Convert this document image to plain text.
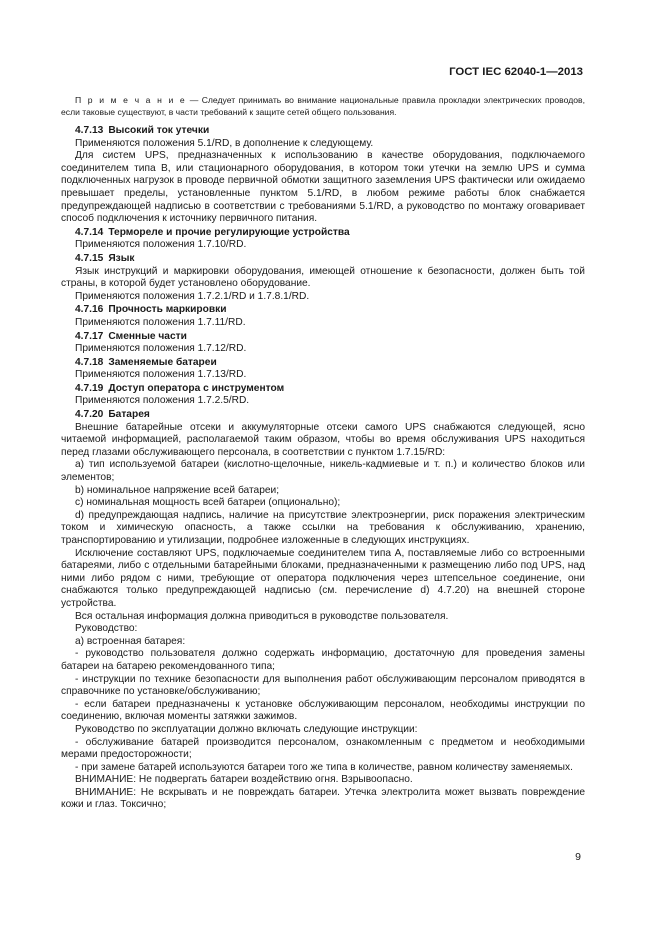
ГОСТ IEC 62040-1—2013

П р и м е ч а н и е — Следует принимать во внимание национальные правила прокладки электрических проводов, если таковые существуют, в части требований к защите сетей общего пользования.

4.7.13 Высокий ток утечки

Применяются положения 5.1/RD, в дополнение к следующему.

Для систем UPS, предназначенных к использованию в качестве оборудования, подключаемого соединителем типа B, или стационарного оборудования, в котором токи утечки на землю UPS и сумма подключенных нагрузок в проводе первичной обмотки защитного заземления UPS фактически или ожидаемо превышает пределы, установленные пунктом 5.1/RD, в любом режиме работы блок снабжается предупреждающей надписью в соответствии с требованиями 5.1/RD, а руководство по монтажу оговаривает способ подключения к источнику первичного питания.

4.7.14 Термореле и прочие регулирующие устройства

Применяются положения 1.7.10/RD.

4.7.15 Язык

Язык инструкций и маркировки оборудования, имеющей отношение к безопасности, должен быть той страны, в которой будет установлено оборудование.

Применяются положения 1.7.2.1/RD и 1.7.8.1/RD.

4.7.16 Прочность маркировки

Применяются положения 1.7.11/RD.

4.7.17 Сменные части

Применяются положения 1.7.12/RD.

4.7.18 Заменяемые батареи

Применяются положения 1.7.13/RD.

4.7.19 Доступ оператора с инструментом

Применяются положения 1.7.2.5/RD.

4.7.20 Батарея

Внешние батарейные отсеки и аккумуляторные отсеки самого UPS снабжаются следующей, ясно читаемой информацией, располагаемой таким образом, чтобы во время обслуживания UPS находиться перед глазами обслуживающего персонала, в соответствии с пунктом 1.7.15/RD:

a) тип используемой батареи (кислотно-щелочные, никель-кадмиевые и т. п.) и количество блоков или элементов;

b) номинальное напряжение всей батареи;

c) номинальная мощность всей батареи (опционально);

d) предупреждающая надпись, наличие на присутствие электроэнергии, риск поражения электрическим током и химическую опасность, а также ссылки на требования к обслуживанию, хранению, транспортированию и утилизации, подробнее изложенные в следующих инструкциях.

Исключение составляют UPS, подключаемые соединителем типа A, поставляемые либо со встроенными батареями, либо с отдельными батарейными блоками, предназначенными к размещению либо под UPS, над ними либо рядом с ними, требующие от оператора подключения через штепсельное соединение, они снабжаются только предупреждающей надписью (см. перечисление d) 4.7.20) на внешней стороне устройства.

Вся остальная информация должна приводиться в руководстве пользователя.

Руководство:

a) встроенная батарея:

- руководство пользователя должно содержать информацию, достаточную для проведения замены батареи на батарею рекомендованного типа;

- инструкции по технике безопасности для выполнения работ обслуживающим персоналом приводятся в справочнике по установке/обслуживанию;

- если батареи предназначены к установке обслуживающим персоналом, необходимы инструкции по соединению, включая моменты затяжки зажимов.

Руководство по эксплуатации должно включать следующие инструкции:

- обслуживание батарей производится персоналом, ознакомленным с предметом и необходимыми мерами предосторожности;

- при замене батарей используются батареи того же типа в количестве, равном количеству заменяемых.

ВНИМАНИЕ: Не подвергать батареи воздействию огня. Взрывоопасно.

ВНИМАНИЕ: Не вскрывать и не повреждать батареи. Утечка электролита может вызвать повреждение кожи и глаз. Токсично;

9
